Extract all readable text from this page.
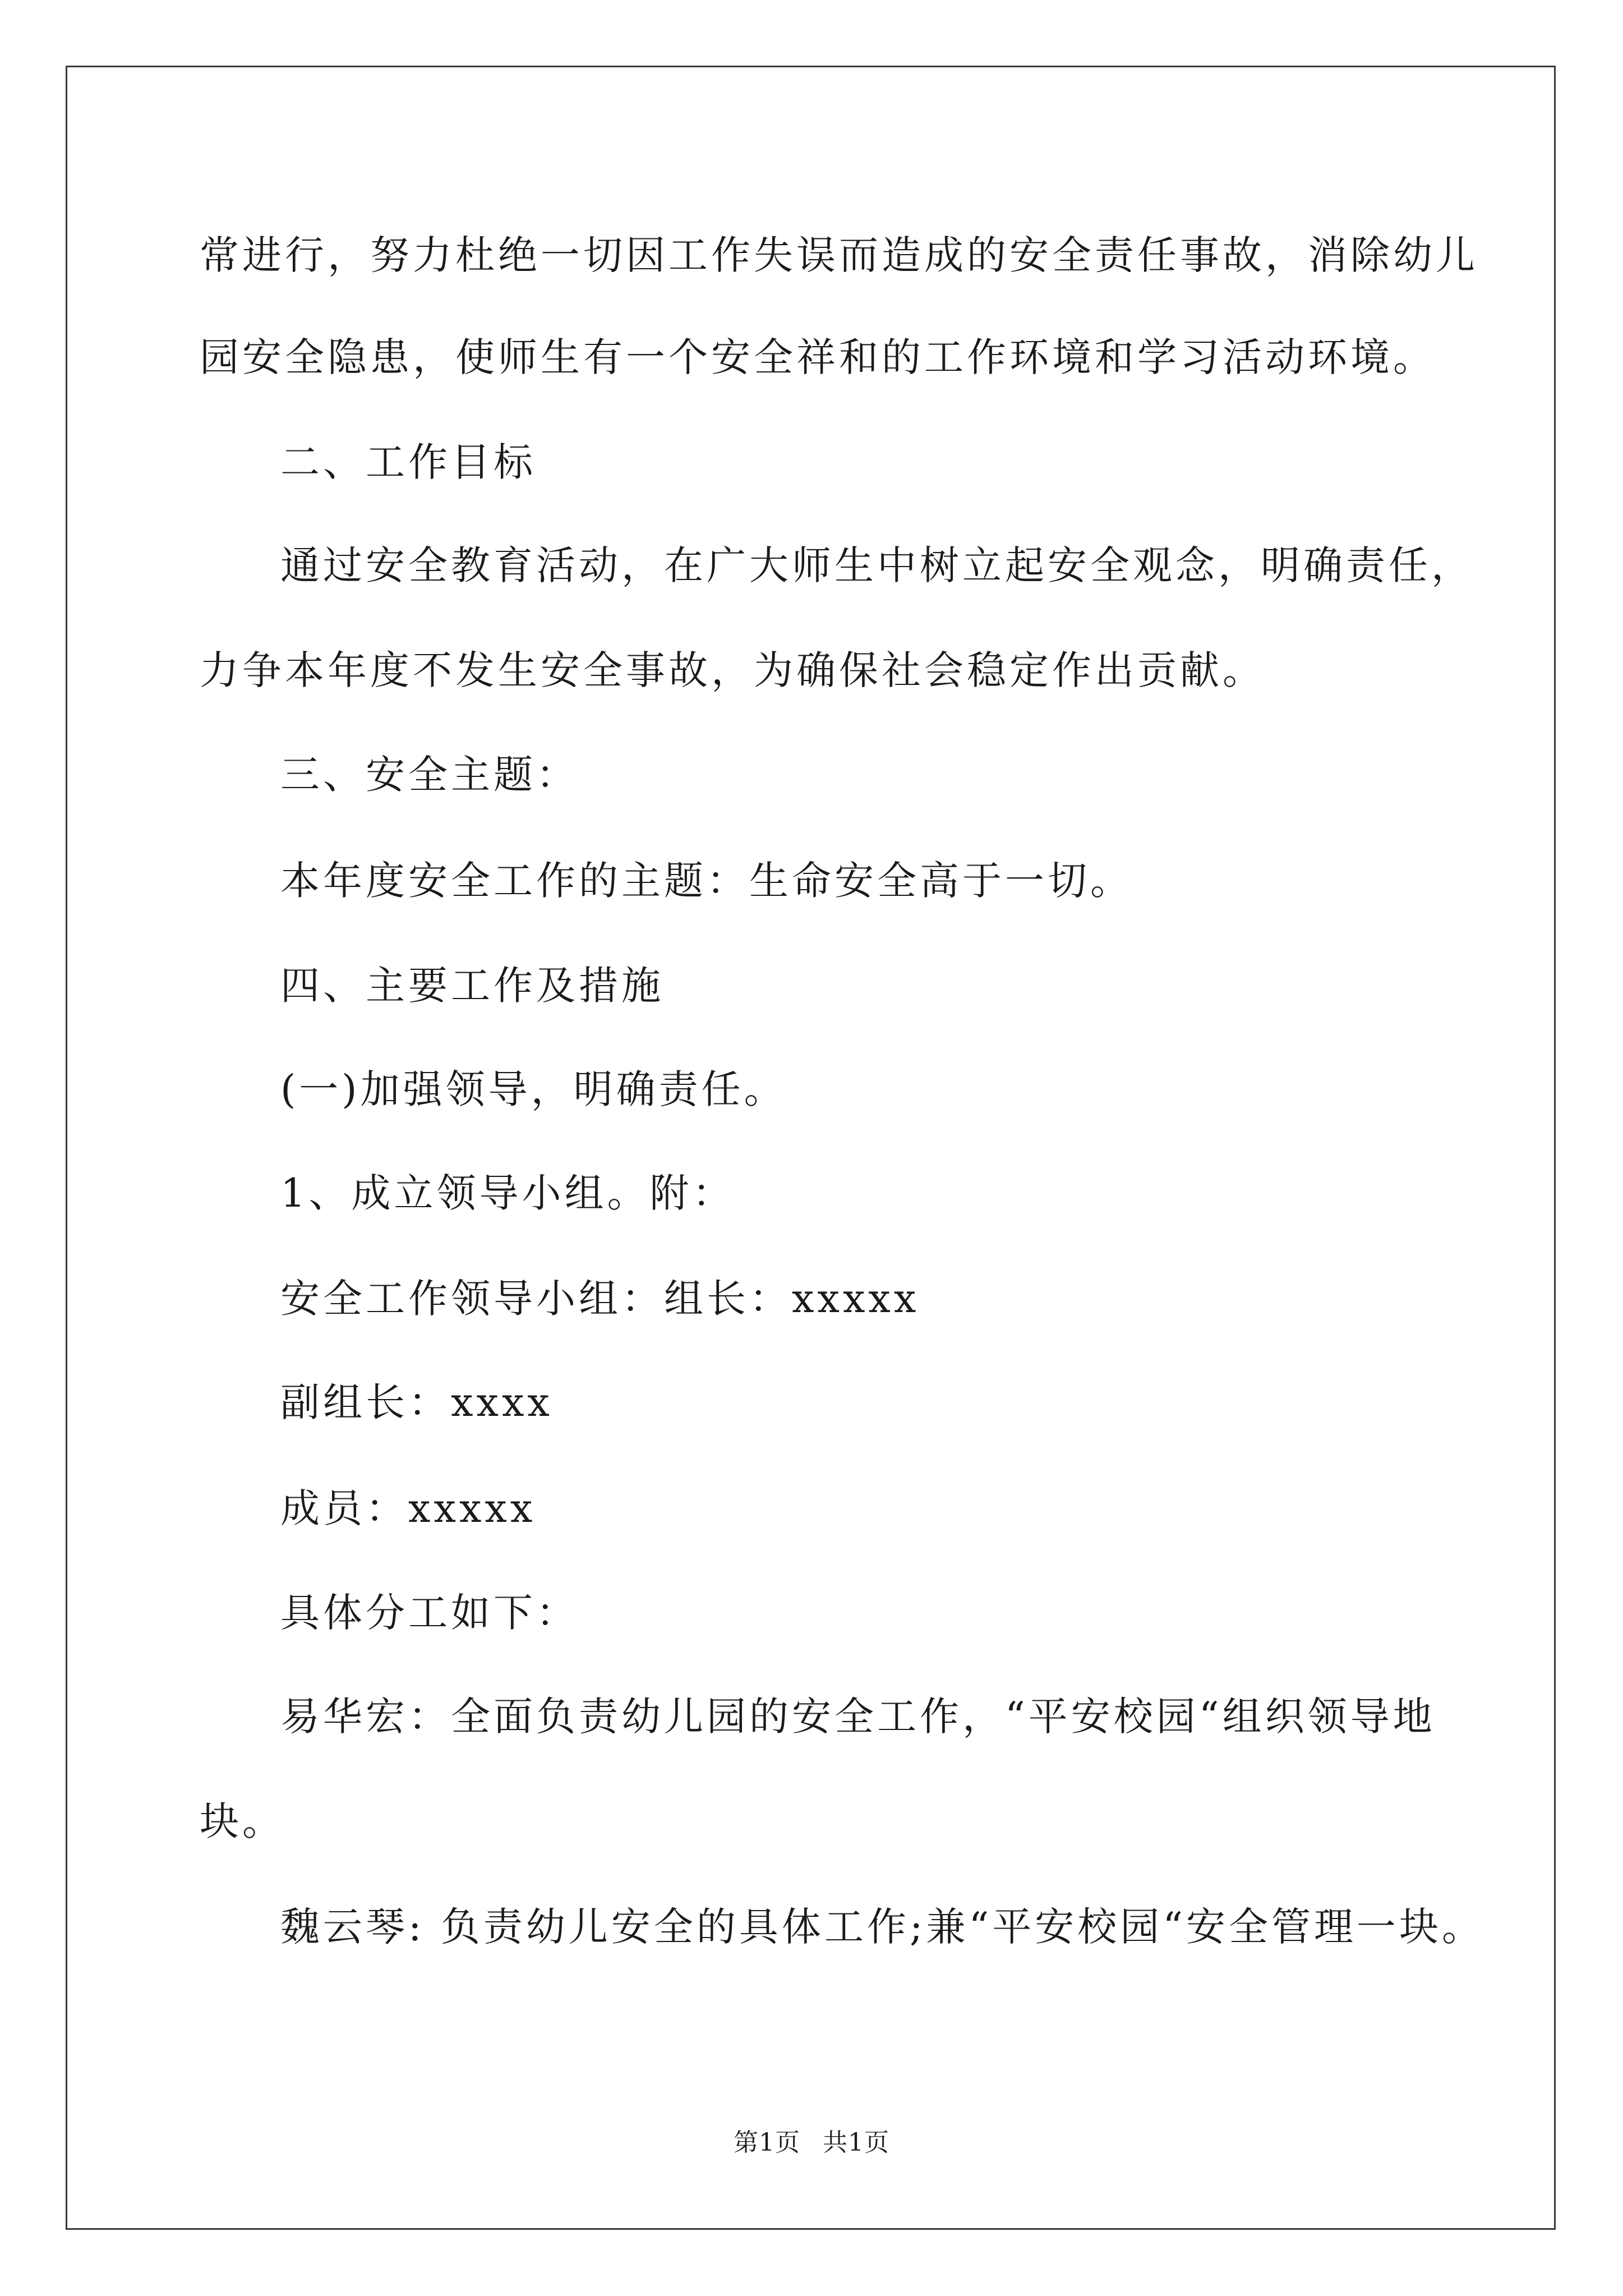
常进行，努力杜绝一切因工作失误而造成的安全责任事故，消除幼儿
园安全隐患，使师生有一个安全祥和的工作环境和学习活动环境。
二、工作目标
通过安全教育活动，在广大师生中树立起安全观念，明确责任，
力争本年度不发生安全事故，为确保社会稳定作出贡献。
三、安全主题：
本年度安全工作的主题：生命安全高于一切。
四、主要工作及措施
(一)加强领导，明确责任。
1、成立领导小组。附：
安全工作领导小组：组长：xxxxx
副组长：xxxx
成员：xxxxx
具体分工如下：
易华宏：全面负责幼儿园的安全工作，“平安校园“组织领导地
块。
魏云琴: 负责幼儿安全的具体工作;兼“平安校园“安全管理一块。
第1页 共1页
